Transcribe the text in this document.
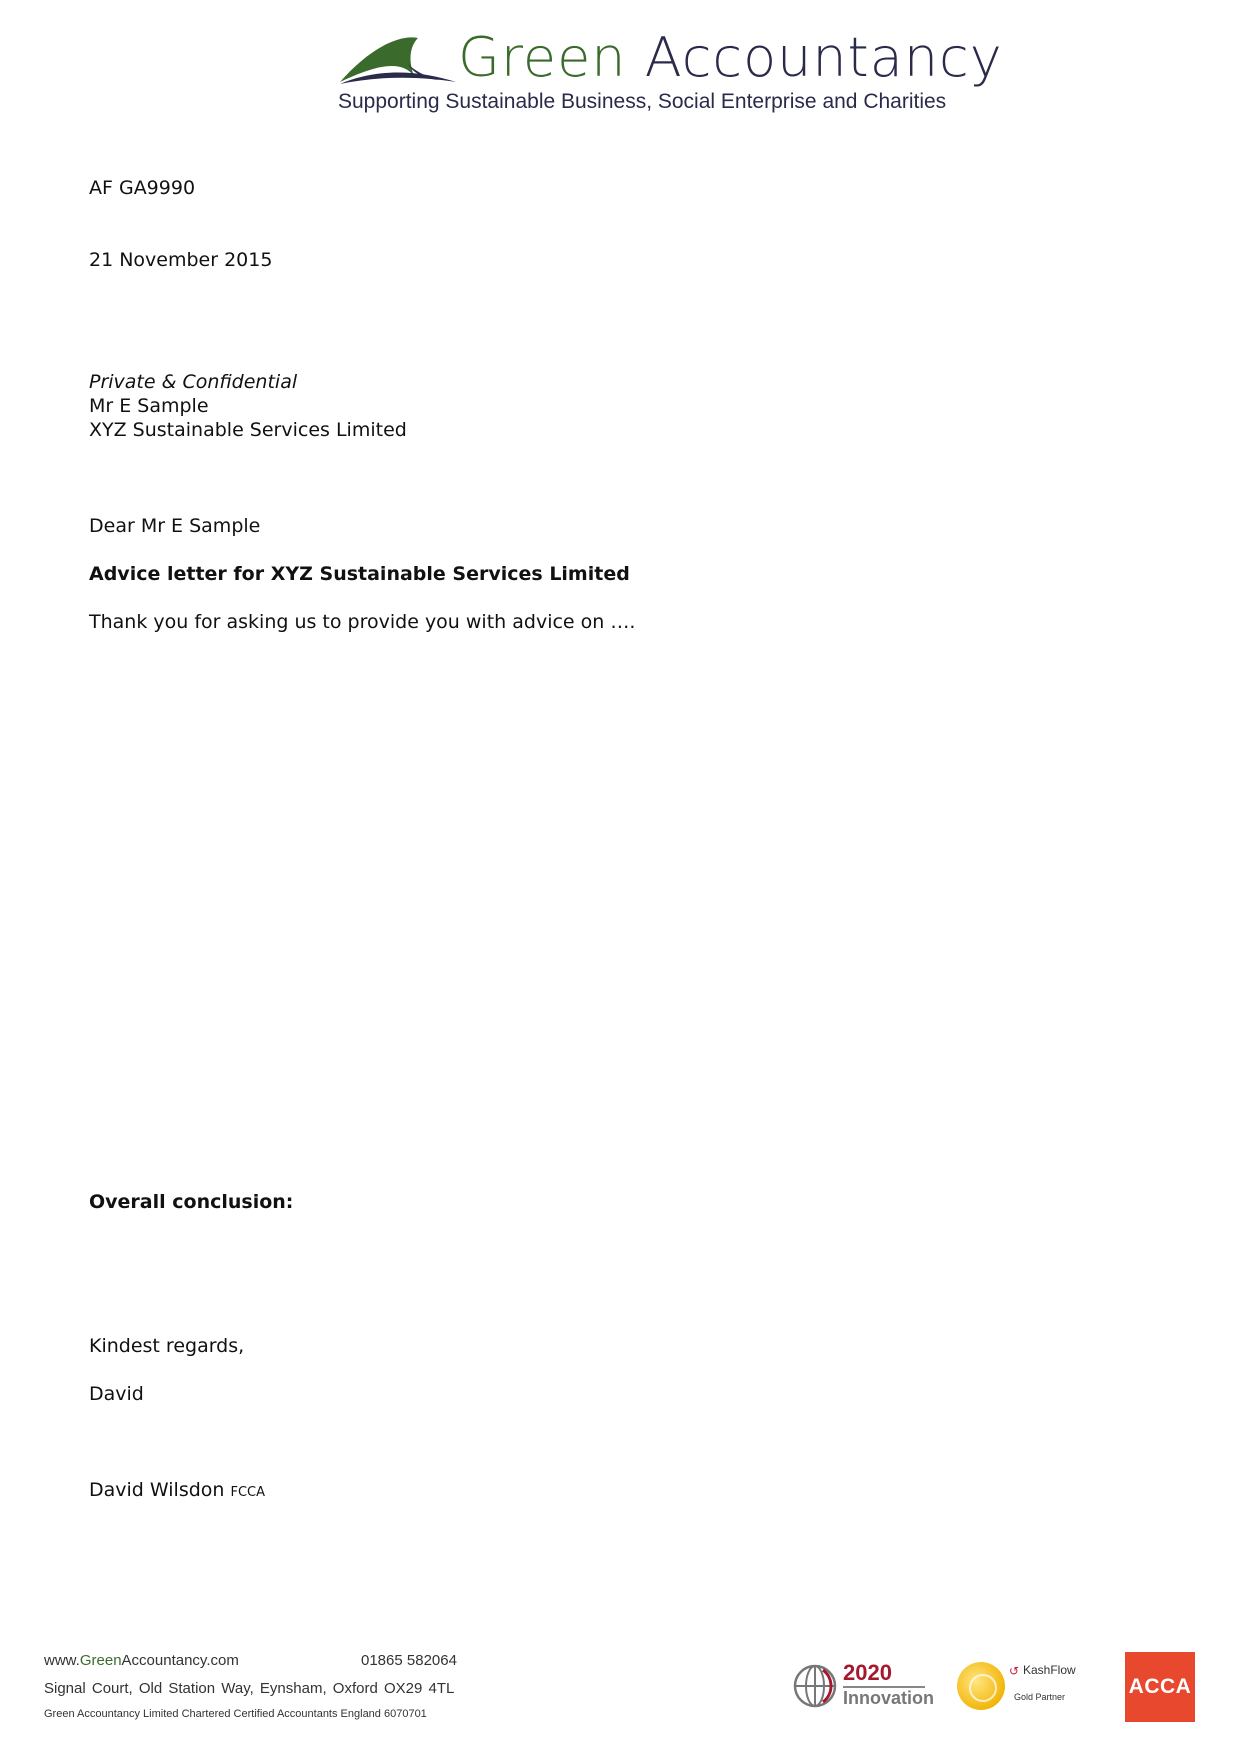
Green Accountancy
Supporting Sustainable Business, Social Enterprise and Charities
AF GA9990
21 November 2015
Private & Confidential
Mr E Sample
XYZ Sustainable Services Limited
Dear Mr E Sample
Advice letter for XYZ Sustainable Services Limited
Thank you for asking us to provide you with advice on ….
Overall conclusion:
Kindest regards,
David
David Wilsdon FCCA
www.GreenAccountancy.com	01865 582064
Signal Court, Old Station Way, Eynsham, Oxford OX29 4TL
Green Accountancy Limited Chartered Certified Accountants England 6070701
2020
Innovation
↺ KashFlow
Gold Partner	ACCA
